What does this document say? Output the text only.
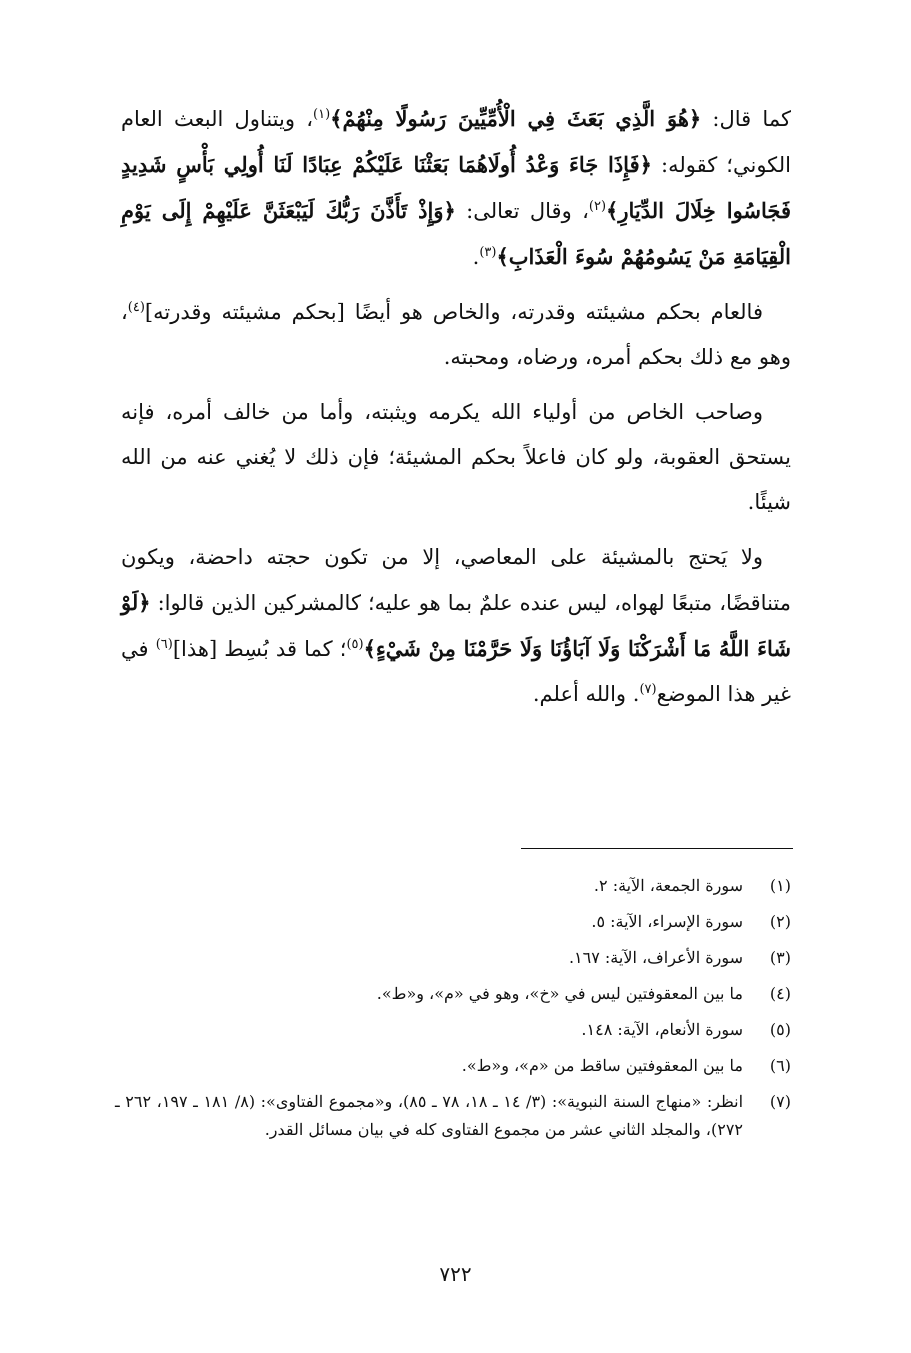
كما قال: ﴿هُوَ الَّذِي بَعَثَ فِي الْأُمِّيِّينَ رَسُولًا مِنْهُمْ﴾$^{(١)}$، ويتناول البعث العام الكوني؛ كقوله: ﴿فَإِذَا جَاءَ وَعْدُ أُولَاهُمَا بَعَثْنَا عَلَيْكُمْ عِبَادًا لَنَا أُولِي بَأْسٍ شَدِيدٍ فَجَاسُوا خِلَالَ الدِّيَارِ﴾$^{(٢)}$، وقال تعالى: ﴿وَإِذْ تَأَذَّنَ رَبُّكَ لَيَبْعَثَنَّ عَلَيْهِمْ إِلَى يَوْمِ الْقِيَامَةِ مَنْ يَسُومُهُمْ سُوءَ الْعَذَابِ﴾$^{(٣)}$.

فالعام بحكم مشيئته وقدرته، والخاص هو أيضًا [بحكم مشيئته وقدرته]$^{(٤)}$، وهو مع ذلك بحكم أمره، ورضاه، ومحبته.

وصاحب الخاص من أولياء الله يكرمه ويثبته، وأما من خالف أمره، فإنه يستحق العقوبة، ولو كان فاعلاً بحكم المشيئة؛ فإن ذلك لا يُغني عنه من الله شيئًا.

ولا يَحتج بالمشيئة على المعاصي، إلا من تكون حجته داحضة، ويكون متناقضًا، متبعًا لهواه، ليس عنده علمٌ بما هو عليه؛ كالمشركين الذين قالوا: ﴿لَوْ شَاءَ اللَّهُ مَا أَشْرَكْنَا وَلَا آبَاؤُنَا وَلَا حَرَّمْنَا مِنْ شَيْءٍ﴾$^{(٥)}$؛ كما قد بُسِط [هذا]$^{(٦)}$ في غير هذا الموضع$^{(٧)}$. والله أعلم.

(١)
سورة الجمعة، الآية: ٢.
(٢)
سورة الإسراء، الآية: ٥.
(٣)
سورة الأعراف، الآية: ١٦٧.
(٤)
ما بين المعقوفتين ليس في «خ»، وهو في «م»، و«ط».
(٥)
سورة الأنعام، الآية: ١٤٨.
(٦)
ما بين المعقوفتين ساقط من «م»، و«ط».
(٧)
انظر: «منهاج السنة النبوية»: (٣/ ١٤ ـ ١٨، ٧٨ ـ ٨٥)، و«مجموع الفتاوى»: (٨/ ١٨١ ـ ١٩٧، ٢٦٢ ـ ٢٧٢)، والمجلد الثاني عشر من مجموع الفتاوى كله في بيان مسائل القدر.
٧٢٢
